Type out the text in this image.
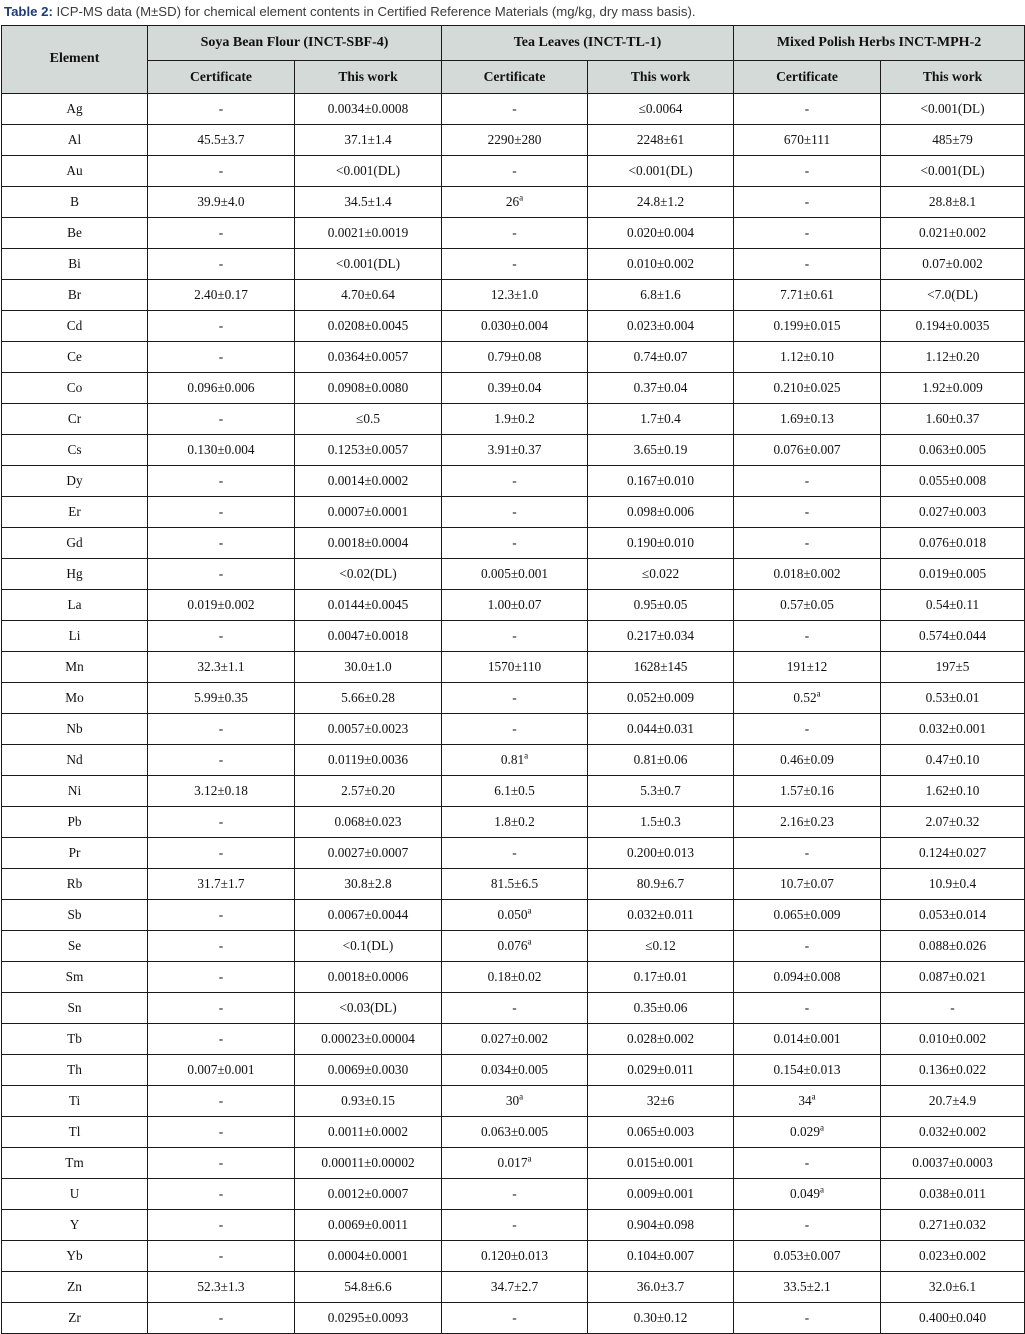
Table 2: ICP-MS data (M±SD) for chemical element contents in Certified Reference Materials (mg/kg, dry mass basis).
Element	Soya Bean Flour (INCT-SBF-4)		Tea Leaves (INCT-TL-1)		Mixed Polish Herbs INCT-MPH-2	
	Certificate	This work	Certificate	This work	Certificate	This work
Ag	-	0.0034±0.0008	-	≤0.0064	-	<0.001(DL)
Al	45.5±3.7	37.1±1.4	2290±280	2248±61	670±111	485±79
Au	-	<0.001(DL)	-	<0.001(DL)	-	<0.001(DL)
B	39.9±4.0	34.5±1.4	26$^a$	24.8±1.2	-	28.8±8.1
Be	-	0.0021±0.0019	-	0.020±0.004	-	0.021±0.002
Bi	-	<0.001(DL)	-	0.010±0.002	-	0.07±0.002
Br	2.40±0.17	4.70±0.64	12.3±1.0	6.8±1.6	7.71±0.61	<7.0(DL)
Cd	-	0.0208±0.0045	0.030±0.004	0.023±0.004	0.199±0.015	0.194±0.0035
Ce	-	0.0364±0.0057	0.79±0.08	0.74±0.07	1.12±0.10	1.12±0.20
Co	0.096±0.006	0.0908±0.0080	0.39±0.04	0.37±0.04	0.210±0.025	1.92±0.009
Cr	-	≤0.5	1.9±0.2	1.7±0.4	1.69±0.13	1.60±0.37
Cs	0.130±0.004	0.1253±0.0057	3.91±0.37	3.65±0.19	0.076±0.007	0.063±0.005
Dy	-	0.0014±0.0002	-	0.167±0.010	-	0.055±0.008
Er	-	0.0007±0.0001	-	0.098±0.006	-	0.027±0.003
Gd	-	0.0018±0.0004	-	0.190±0.010	-	0.076±0.018
Hg	-	<0.02(DL)	0.005±0.001	≤0.022	0.018±0.002	0.019±0.005
La	0.019±0.002	0.0144±0.0045	1.00±0.07	0.95±0.05	0.57±0.05	0.54±0.11
Li	-	0.0047±0.0018	-	0.217±0.034	-	0.574±0.044
Mn	32.3±1.1	30.0±1.0	1570±110	1628±145	191±12	197±5
Mo	5.99±0.35	5.66±0.28	-	0.052±0.009	0.52$^a$	0.53±0.01
Nb	-	0.0057±0.0023	-	0.044±0.031	-	0.032±0.001
Nd	-	0.0119±0.0036	0.81$^a$	0.81±0.06	0.46±0.09	0.47±0.10
Ni	3.12±0.18	2.57±0.20	6.1±0.5	5.3±0.7	1.57±0.16	1.62±0.10
Pb	-	0.068±0.023	1.8±0.2	1.5±0.3	2.16±0.23	2.07±0.32
Pr	-	0.0027±0.0007	-	0.200±0.013	-	0.124±0.027
Rb	31.7±1.7	30.8±2.8	81.5±6.5	80.9±6.7	10.7±0.07	10.9±0.4
Sb	-	0.0067±0.0044	0.050$^a$	0.032±0.011	0.065±0.009	0.053±0.014
Se	-	<0.1(DL)	0.076$^a$	≤0.12	-	0.088±0.026
Sm	-	0.0018±0.0006	0.18±0.02	0.17±0.01	0.094±0.008	0.087±0.021
Sn	-	<0.03(DL)	-	0.35±0.06	-	-
Tb	-	0.00023±0.00004	0.027±0.002	0.028±0.002	0.014±0.001	0.010±0.002
Th	0.007±0.001	0.0069±0.0030	0.034±0.005	0.029±0.011	0.154±0.013	0.136±0.022
Ti	-	0.93±0.15	30$^a$	32±6	34$^a$	20.7±4.9
Tl	-	0.0011±0.0002	0.063±0.005	0.065±0.003	0.029$^a$	0.032±0.002
Tm	-	0.00011±0.00002	0.017$^a$	0.015±0.001	-	0.0037±0.0003
U	-	0.0012±0.0007	-	0.009±0.001	0.049$^a$	0.038±0.011
Y	-	0.0069±0.0011	-	0.904±0.098	-	0.271±0.032
Yb	-	0.0004±0.0001	0.120±0.013	0.104±0.007	0.053±0.007	0.023±0.002
Zn	52.3±1.3	54.8±6.6	34.7±2.7	36.0±3.7	33.5±2.1	32.0±6.1
Zr	-	0.0295±0.0093	-	0.30±0.12	-	0.400±0.040
